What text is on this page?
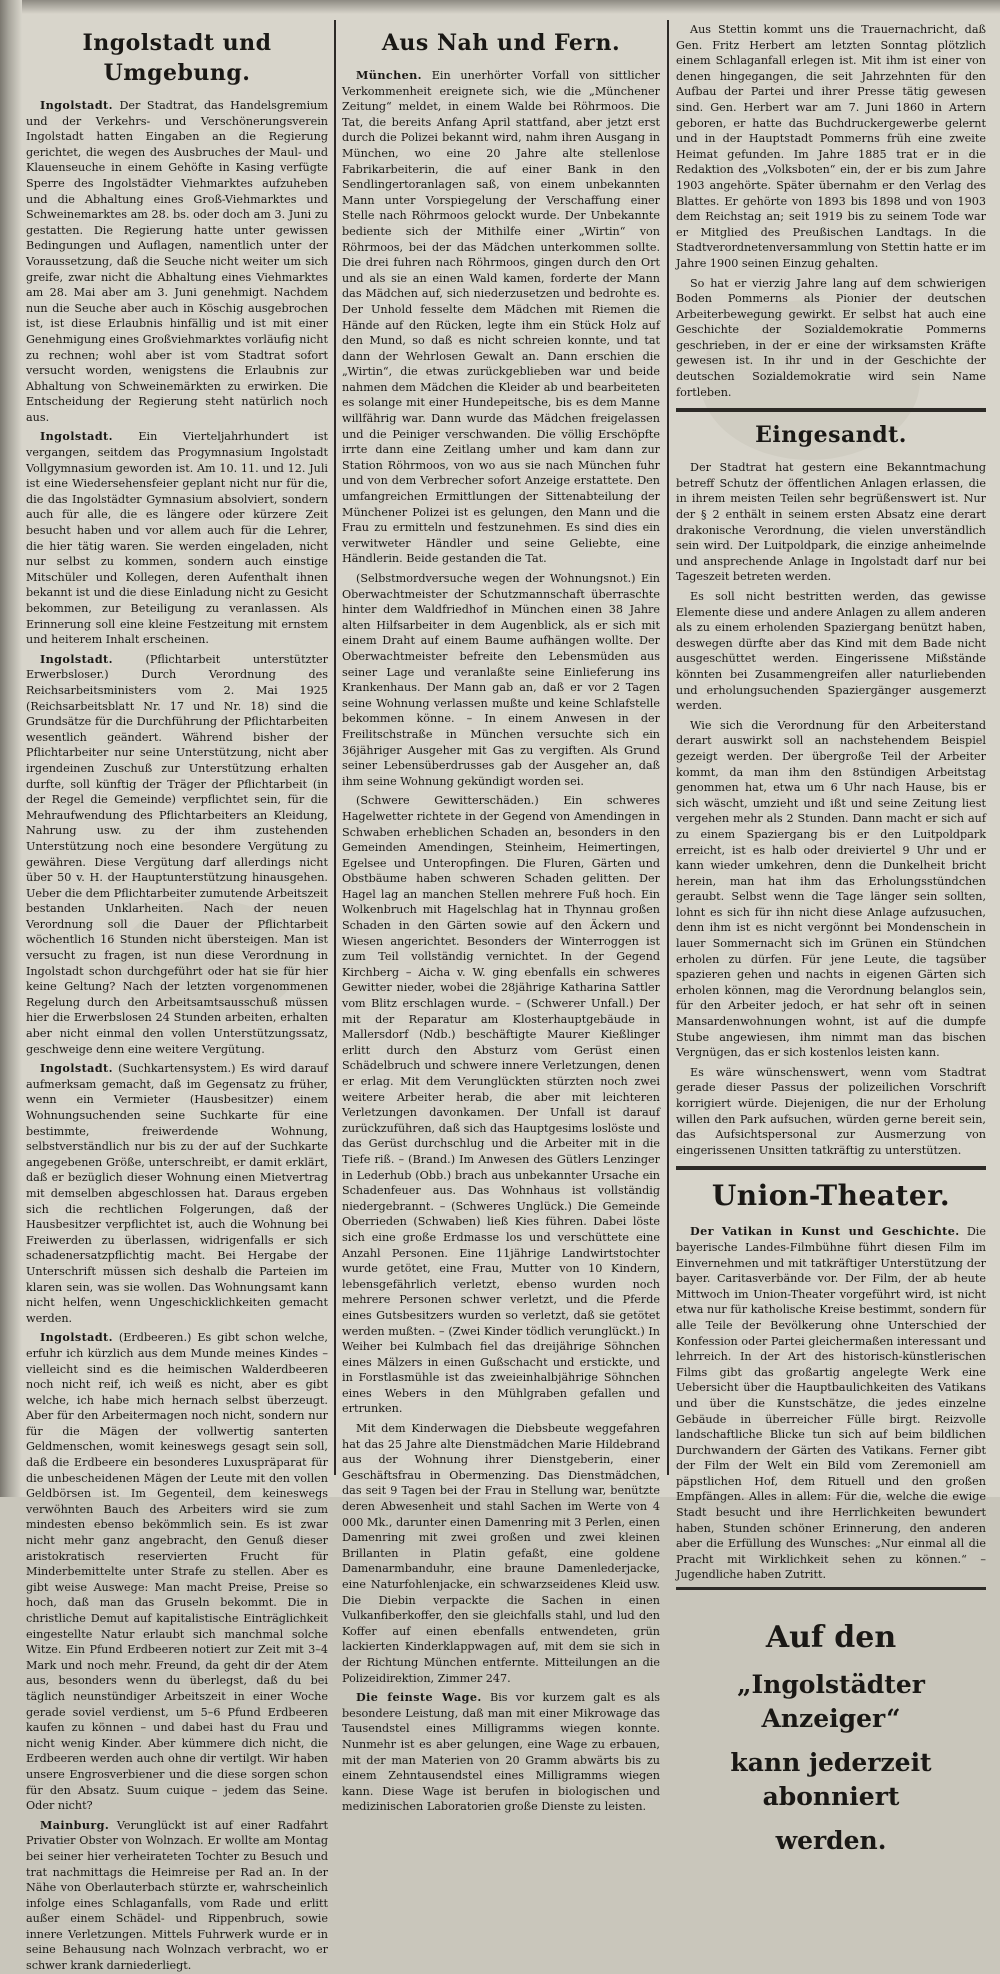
Ingolstadt und Umgebung.

Ingolstadt. Der Stadtrat, das Handelsgremium und der Verkehrs- und Verschönerungsverein Ingolstadt hatten Eingaben an die Regierung gerichtet, die wegen des Ausbruches der Maul- und Klauenseuche in einem Gehöfte in Kasing verfügte Sperre des Ingolstädter Viehmarktes aufzuheben und die Abhaltung eines Groß-Viehmarktes und Schweinemarktes am 28. bs. oder doch am 3. Juni zu gestatten. Die Regierung hatte unter gewissen Bedingungen und Auflagen, namentlich unter der Voraussetzung, daß die Seuche nicht weiter um sich greife, zwar nicht die Abhaltung eines Viehmarktes am 28. Mai aber am 3. Juni genehmigt. Nachdem nun die Seuche aber auch in Köschig ausgebrochen ist, ist diese Erlaubnis hinfällig und ist mit einer Genehmigung eines Großviehmarktes vorläufig nicht zu rechnen; wohl aber ist vom Stadtrat sofort versucht worden, wenigstens die Erlaubnis zur Abhaltung von Schweinemärkten zu erwirken. Die Entscheidung der Regierung steht natürlich noch aus.

Ingolstadt. Ein Vierteljahrhundert ist vergangen, seitdem das Progymnasium Ingolstadt Vollgymnasium geworden ist. Am 10. 11. und 12. Juli ist eine Wiedersehensfeier geplant nicht nur für die, die das Ingolstädter Gymnasium absolviert, sondern auch für alle, die es längere oder kürzere Zeit besucht haben und vor allem auch für die Lehrer, die hier tätig waren. Sie werden eingeladen, nicht nur selbst zu kommen, sondern auch einstige Mitschüler und Kollegen, deren Aufenthalt ihnen bekannt ist und die diese Einladung nicht zu Gesicht bekommen, zur Beteiligung zu veranlassen. Als Erinnerung soll eine kleine Festzeitung mit ernstem und heiterem Inhalt erscheinen.

Ingolstadt.	(Pflichtarbeit unterstützter Erwerbsloser.) Durch Verordnung des Reichsarbeitsministers vom 2. Mai 1925 (Reichsarbeitsblatt Nr. 17 und Nr. 18) sind die Grundsätze für die Durchführung der Pflichtarbeiten wesentlich geändert. Während bisher der Pflichtarbeiter nur seine Unterstützung, nicht aber irgendeinen Zuschuß zur Unterstützung erhalten durfte, soll künftig der Träger der Pflichtarbeit (in der Regel die Gemeinde) verpflichtet sein, für die Mehraufwendung des Pflichtarbeiters an Kleidung, Nahrung usw. zu der ihm zustehenden Unterstützung noch eine besondere Vergütung zu gewähren. Diese Vergütung darf allerdings nicht über 50 v. H. der Hauptunterstützung hinausgehen. Ueber die dem Pflichtarbeiter zumutende Arbeitszeit bestanden Unklarheiten. Nach der neuen Verordnung soll die Dauer der Pflichtarbeit wöchentlich 16 Stunden nicht übersteigen. Man ist versucht zu fragen, ist nun diese Verordnung in Ingolstadt schon durchgeführt oder hat sie für hier keine Geltung? Nach der letzten vorgenommenen Regelung durch den Arbeitsamtsausschuß müssen hier die Erwerbslosen 24 Stunden arbeiten, erhalten aber nicht einmal den vollen Unterstützungssatz, geschweige denn eine weitere Vergütung.

Ingolstadt. (Suchkartensystem.) Es wird darauf aufmerksam gemacht, daß im Gegensatz zu früher, wenn ein Vermieter (Hausbesitzer) einem Wohnungsuchenden seine Suchkarte für eine bestimmte, freiwerdende Wohnung, selbstverständlich nur bis zu der auf der Suchkarte angegebenen Größe, unterschreibt, er damit erklärt, daß er bezüglich dieser Wohnung einen Mietvertrag mit demselben abgeschlossen hat. Daraus ergeben sich die rechtlichen Folgerungen, daß der Hausbesitzer verpflichtet ist, auch die Wohnung bei Freiwerden zu überlassen, widrigenfalls er sich schadenersatzpflichtig macht. Bei Hergabe der Unterschrift müssen sich deshalb die Parteien im klaren sein, was sie wollen. Das Wohnungsamt kann nicht helfen, wenn Ungeschicklichkeiten gemacht werden.

Ingolstadt. (Erdbeeren.) Es gibt schon welche, erfuhr ich kürzlich aus dem Munde meines Kindes – vielleicht sind es die heimischen Walderdbeeren noch nicht reif, ich weiß es nicht, aber es gibt welche, ich habe mich hernach selbst überzeugt. Aber für den Arbeitermagen noch nicht, sondern nur für die Mägen der vollwertig santerten Geldmenschen, womit keineswegs gesagt sein soll, daß die Erdbeere ein besonderes Luxuspräparat für die unbescheidenen Mägen der Leute mit den vollen Geldbörsen ist. Im Gegenteil, dem keineswegs verwöhnten Bauch des Arbeiters wird sie zum mindesten ebenso bekömmlich sein. Es ist zwar nicht mehr ganz angebracht, den Genuß dieser aristokratisch reservierten Frucht für Minderbemittelte unter Strafe zu stellen. Aber es gibt weise Auswege: Man macht Preise, Preise so hoch, daß man das Gruseln bekommt. Die in christliche Demut auf kapitalistische Einträglichkeit eingestellte Natur erlaubt sich manchmal solche Witze. Ein Pfund Erdbeeren notiert zur Zeit mit 3–4 Mark und noch mehr. Freund, da geht dir der Atem aus, besonders wenn du überlegst, daß du bei täglich neunstündiger Arbeitszeit in einer Woche gerade soviel verdienst, um 5–6 Pfund Erdbeeren kaufen zu können – und dabei hast du Frau und nicht wenig Kinder. Aber kümmere dich nicht, die Erdbeeren werden auch ohne dir vertilgt. Wir haben unsere Engrosverbiener und die diese sorgen schon für den Absatz. Suum cuique – jedem das Seine. Oder nicht?

Mainburg. Verunglückt ist auf einer Radfahrt Privatier Obster von Wolnzach. Er wollte am Montag bei seiner hier verheirateten Tochter zu Besuch und trat nachmittags die Heimreise per Rad an. In der Nähe von Oberlauterbach stürzte er, wahrscheinlich infolge eines Schlaganfalls, vom Rade und erlitt außer einem Schädel- und Rippenbruch, sowie innere Verletzungen. Mittels Fuhrwerk wurde er in seine Behausung nach Wolnzach verbracht, wo er schwer krank darniederliegt.

Aus Nah und Fern.

München. Ein unerhörter Vorfall von sittlicher Verkommenheit ereignete sich, wie die „Münchener Zeitung“ meldet, in einem Walde bei Röhrmoos. Die Tat, die bereits Anfang April stattfand, aber jetzt erst durch die Polizei bekannt wird, nahm ihren Ausgang in München, wo eine 20 Jahre alte stellenlose Fabrikarbeiterin, die auf einer Bank in den Sendlingertoranlagen saß, von einem unbekannten Mann unter Vorspiegelung der Verschaffung einer Stelle nach Röhrmoos gelockt wurde. Der Unbekannte bediente sich der Mithilfe einer „Wirtin“ von Röhrmoos, bei der das Mädchen unterkommen sollte. Die drei fuhren nach Röhrmoos, gingen durch den Ort und als sie an einen Wald kamen, forderte der Mann das Mädchen auf, sich niederzusetzen und bedrohte es. Der Unhold fesselte dem Mädchen mit Riemen die Hände auf den Rücken, legte ihm ein Stück Holz auf den Mund, so daß es nicht schreien konnte, und tat dann der Wehrlosen Gewalt an. Dann erschien die „Wirtin“, die etwas zurückgeblieben war und beide nahmen dem Mädchen die Kleider ab und bearbeiteten es solange mit einer Hundepeitsche, bis es dem Manne willfährig war. Dann wurde das Mädchen freigelassen und die Peiniger verschwanden. Die völlig Erschöpfte irrte dann eine Zeitlang umher und kam dann zur Station Röhrmoos, von wo aus sie nach München fuhr und von dem Verbrecher sofort Anzeige erstattete. Den umfangreichen Ermittlungen der Sittenabteilung der Münchener Polizei ist es gelungen, den Mann und die Frau zu ermitteln und festzunehmen. Es sind dies ein verwitweter Händler und seine Geliebte, eine Händlerin. Beide gestanden die Tat.

(Selbstmordversuche wegen der Wohnungsnot.) Ein Oberwachtmeister der Schutzmannschaft überraschte hinter dem Waldfriedhof in München einen 38 Jahre alten Hilfsarbeiter in dem Augenblick, als er sich mit einem Draht auf einem Baume aufhängen wollte. Der Oberwachtmeister befreite den Lebensmüden aus seiner Lage und veranlaßte seine Einlieferung ins Krankenhaus. Der Mann gab an, daß er vor 2 Tagen seine Wohnung verlassen mußte und keine Schlafstelle bekommen könne. – In einem Anwesen in der Freilitschstraße in München versuchte sich ein 36jähriger Ausgeher mit Gas zu vergiften. Als Grund seiner Lebensüberdrusses gab der Ausgeher an, daß ihm seine Wohnung gekündigt worden sei.

(Schwere Gewitterschäden.) Ein schweres Hagelwetter richtete in der Gegend von Amendingen in Schwaben erheblichen Schaden an, besonders in den Gemeinden Amendingen, Steinheim, Heimertingen, Egelsee und Unteropfingen. Die Fluren, Gärten und Obstbäume haben schweren Schaden gelitten. Der Hagel lag an manchen Stellen mehrere Fuß hoch. Ein Wolkenbruch mit Hagelschlag hat in Thynnau großen Schaden in den Gärten sowie auf den Äckern und Wiesen angerichtet. Besonders der Winterroggen ist zum Teil vollständig vernichtet. In der Gegend Kirchberg – Aicha v. W. ging ebenfalls ein schweres Gewitter nieder, wobei die 28jährige Katharina Sattler vom Blitz erschlagen wurde. – (Schwerer Unfall.) Der mit der Reparatur am Klosterhauptgebäude in Mallersdorf (Ndb.) beschäftigte Maurer Kießlinger erlitt durch den Absturz vom Gerüst einen Schädelbruch und schwere innere Verletzungen, denen er erlag. Mit dem Verunglückten stürzten noch zwei weitere Arbeiter herab, die aber mit leichteren Verletzungen davonkamen. Der Unfall ist darauf zurückzuführen, daß sich das Hauptgesims loslöste und das Gerüst durchschlug und die Arbeiter mit in die Tiefe riß. – (Brand.) Im Anwesen des Gütlers Lenzinger in Lederhub (Obb.) brach aus unbekannter Ursache ein Schadenfeuer aus. Das Wohnhaus ist vollständig niedergebrannt. – (Schweres Unglück.) Die Gemeinde Oberrieden (Schwaben) ließ Kies führen. Dabei löste sich eine große Erdmasse los und verschüttete eine Anzahl Personen. Eine 11jährige Landwirtstochter wurde getötet, eine Frau, Mutter von 10 Kindern, lebensgefährlich verletzt, ebenso wurden noch mehrere Personen schwer verletzt, und die Pferde eines Gutsbesitzers wurden so verletzt, daß sie getötet werden mußten. – (Zwei Kinder tödlich verunglückt.) In Weiher bei Kulmbach fiel das dreijährige Söhnchen eines Mälzers in einen Gußschacht und erstickte, und in Forstlasmühle ist das zweieinhalbjährige Söhnchen eines Webers in den Mühlgraben gefallen und ertrunken.

Mit dem Kinderwagen die Diebsbeute weggefahren hat das 25 Jahre alte Dienstmädchen Marie Hildebrand aus der Wohnung ihrer Dienstgeberin, einer Geschäftsfrau in Obermenzing. Das Dienstmädchen, das seit 9 Tagen bei der Frau in Stellung war, benützte deren Abwesenheit und stahl Sachen im Werte von 4 000 Mk., darunter einen Damenring mit 3 Perlen, einen Damenring mit zwei großen und zwei kleinen Brillanten in Platin gefaßt, eine goldene Damenarmbanduhr, eine braune Damenlederjacke, eine Naturfohlenjacke, ein schwarzseidenes Kleid usw. Die Diebin verpackte die Sachen in einen Vulkanfiberkoffer, den sie gleichfalls stahl, und lud den Koffer auf einen ebenfalls entwendeten, grün lackierten Kinderklappwagen auf, mit dem sie sich in der Richtung München entfernte. Mitteilungen an die Polizeidirektion, Zimmer 247.

Die feinste Wage. Bis vor kurzem galt es als besondere Leistung, daß man mit einer Mikrowage das Tausendstel eines Milligramms wiegen konnte. Nunmehr ist es aber gelungen, eine Wage zu erbauen, mit der man Materien von 20 Gramm abwärts bis zu einem Zehntausendstel eines Milligramms wiegen kann. Diese Wage ist berufen in biologischen und medizinischen Laboratorien große Dienste zu leisten.

Aus Stettin kommt uns die Trauernachricht, daß Gen. Fritz Herbert am letzten Sonntag plötzlich einem Schlaganfall erlegen ist. Mit ihm ist einer von denen hingegangen, die seit Jahrzehnten für den Aufbau der Partei und ihrer Presse tätig gewesen sind. Gen. Herbert war am 7. Juni 1860 in Artern geboren, er hatte das Buchdruckergewerbe gelernt und in der Hauptstadt Pommerns früh eine zweite Heimat gefunden. Im Jahre 1885 trat er in die Redaktion des „Volksboten“ ein, der er bis zum Jahre 1903 angehörte. Später übernahm er den Verlag des Blattes. Er gehörte von 1893 bis 1898 und von 1903 dem Reichstag an; seit 1919 bis zu seinem Tode war er Mitglied des Preußischen Landtags. In die Stadtverordnetenversammlung von Stettin hatte er im Jahre 1900 seinen Einzug gehalten.

So hat er vierzig Jahre lang auf dem schwierigen Boden Pommerns als Pionier der deutschen Arbeiterbewegung gewirkt. Er selbst hat auch eine Geschichte der Sozialdemokratie Pommerns geschrieben, in der er eine der wirksamsten Kräfte gewesen ist. In ihr und in der Geschichte der deutschen Sozialdemokratie wird sein Name fortleben.

Eingesandt.

Der Stadtrat hat gestern eine Bekanntmachung betreff Schutz der öffentlichen Anlagen erlassen, die in ihrem meisten Teilen sehr begrüßenswert ist. Nur der § 2 enthält in seinem ersten Absatz eine derart drakonische Verordnung, die vielen unverständlich sein wird. Der Luitpoldpark, die einzige anheimelnde und ansprechende Anlage in Ingolstadt darf nur bei Tageszeit betreten werden.

Es soll nicht bestritten werden, das gewisse Elemente diese und andere Anlagen zu allem anderen als zu einem erholenden Spaziergang benützt haben, deswegen dürfte aber das Kind mit dem Bade nicht ausgeschüttet werden. Eingerissene Mißstände könnten bei Zusammengreifen aller naturliebenden und erholungsuchenden Spaziergänger ausgemerzt werden.

Wie sich die Verordnung für den Arbeiterstand derart auswirkt soll an nachstehendem Beispiel gezeigt werden. Der übergroße Teil der Arbeiter kommt, da man ihm den 8stündigen Arbeitstag genommen hat, etwa um 6 Uhr nach Hause, bis er sich wäscht, umzieht und ißt und seine Zeitung liest vergehen mehr als 2 Stunden. Dann macht er sich auf zu einem Spaziergang bis er den Luitpoldpark erreicht, ist es halb oder dreiviertel 9 Uhr und er kann wieder umkehren, denn die Dunkelheit bricht herein, man hat ihm das Erholungsstündchen geraubt. Selbst wenn die Tage länger sein sollten, lohnt es sich für ihn nicht diese Anlage aufzusuchen, denn ihm ist es nicht vergönnt bei Mondenschein in lauer Sommernacht sich im Grünen ein Stündchen erholen zu dürfen. Für jene Leute, die tagsüber spazieren gehen und nachts in eigenen Gärten sich erholen können, mag die Verordnung belanglos sein, für den Arbeiter jedoch, er hat sehr oft in seinen Mansardenwohnungen wohnt, ist auf die dumpfe Stube angewiesen, ihm nimmt man das bischen Vergnügen, das er sich kostenlos leisten kann.

Es wäre wünschenswert, wenn vom Stadtrat gerade dieser Passus der polizeilichen Vorschrift korrigiert würde. Diejenigen, die nur der Erholung willen den Park aufsuchen, würden gerne bereit sein, das Aufsichtspersonal zur Ausmerzung von eingerissenen Unsitten tatkräftig zu unterstützen.

Union-Theater.

Der Vatikan in Kunst und Geschichte. Die bayerische Landes-Filmbühne führt diesen Film im Einvernehmen und mit tatkräftiger Unterstützung der bayer. Caritasverbände vor. Der Film, der ab heute Mittwoch im Union-Theater vorgeführt wird, ist nicht etwa nur für katholische Kreise bestimmt, sondern für alle Teile der Bevölkerung ohne Unterschied der Konfession oder Partei gleichermaßen interessant und lehrreich. In der Art des historisch-künstlerischen Films gibt das großartig angelegte Werk eine Uebersicht über die Hauptbaulichkeiten des Vatikans und über die Kunstschätze, die jedes einzelne Gebäude in überreicher Fülle birgt. Reizvolle landschaftliche Blicke tun sich auf beim bildlichen Durchwandern der Gärten des Vatikans. Ferner gibt der Film der Welt ein Bild vom Zeremoniell am päpstlichen Hof, dem Rituell und den großen Empfängen. Alles in allem: Für die, welche die ewige Stadt besucht und ihre Herrlichkeiten bewundert haben, Stunden schöner Erinnerung, den anderen aber die Erfüllung des Wunsches: „Nur einmal all die Pracht mit Wirklichkeit sehen zu können.“ – Jugendliche haben Zutritt.

Auf den
„Ingolstädter Anzeiger“
kann jederzeit abonniert
werden.
